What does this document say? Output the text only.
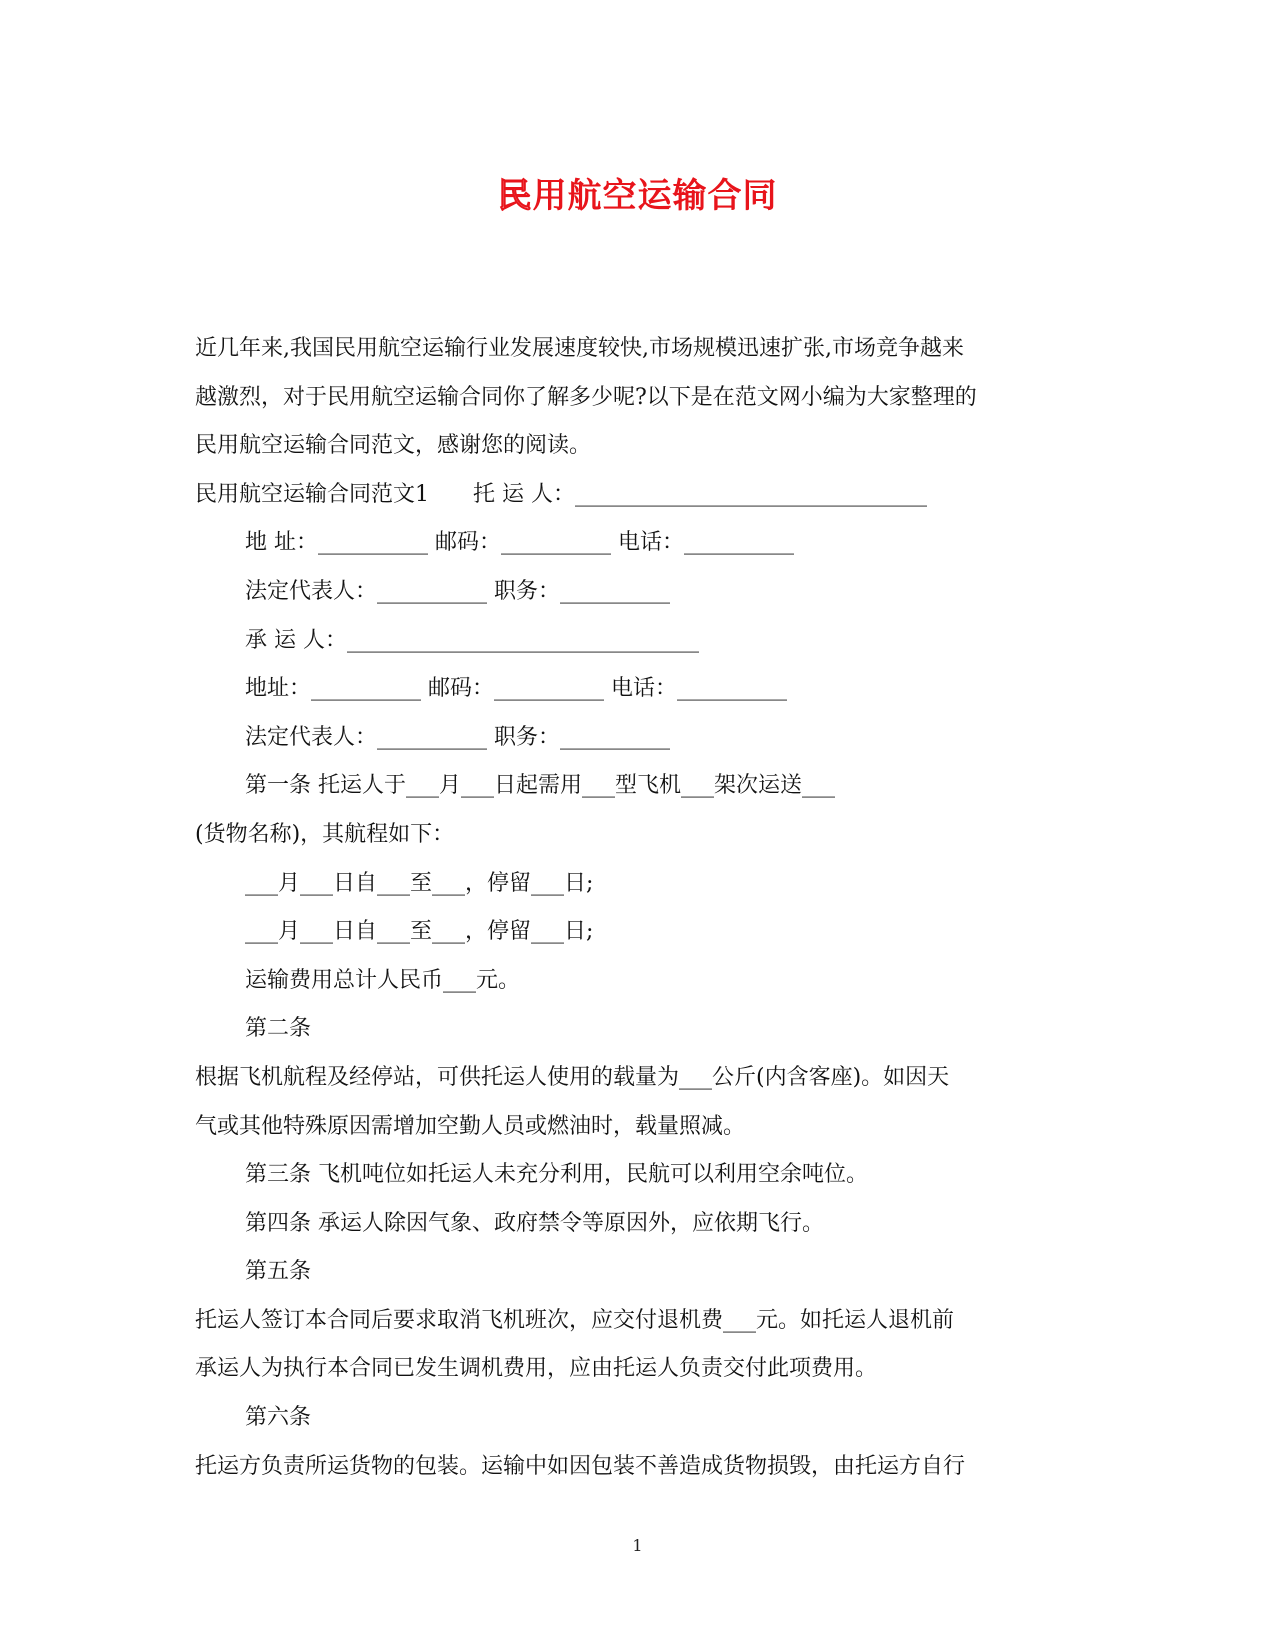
民用航空运输合同
近几年来,我国民用航空运输行业发展速度较快,市场规模迅速扩张,市场竞争越来
越激烈，对于民用航空运输合同你了解多少呢?以下是在范文网小编为大家整理的
民用航空运输合同范文，感谢您的阅读。
民用航空运输合同范文1　　托 运 人：________________________________
地 址：__________ 邮码：__________ 电话：__________
法定代表人：__________ 职务：__________
承 运 人：________________________________
地址：__________ 邮码：__________ 电话：__________
法定代表人：__________ 职务：__________
第一条 托运人于___月___日起需用___型飞机___架次运送___
(货物名称)，其航程如下：
___月___日自___至___，停留___日;
___月___日自___至___，停留___日;
运输费用总计人民币___元。
第二条
根据飞机航程及经停站，可供托运人使用的载量为___公斤(内含客座)。如因天
气或其他特殊原因需增加空勤人员或燃油时，载量照减。
第三条 飞机吨位如托运人未充分利用，民航可以利用空余吨位。
第四条 承运人除因气象、政府禁令等原因外，应依期飞行。
第五条
托运人签订本合同后要求取消飞机班次，应交付退机费___元。如托运人退机前
承运人为执行本合同已发生调机费用，应由托运人负责交付此项费用。
第六条
托运方负责所运货物的包装。运输中如因包装不善造成货物损毁，由托运方自行
1
